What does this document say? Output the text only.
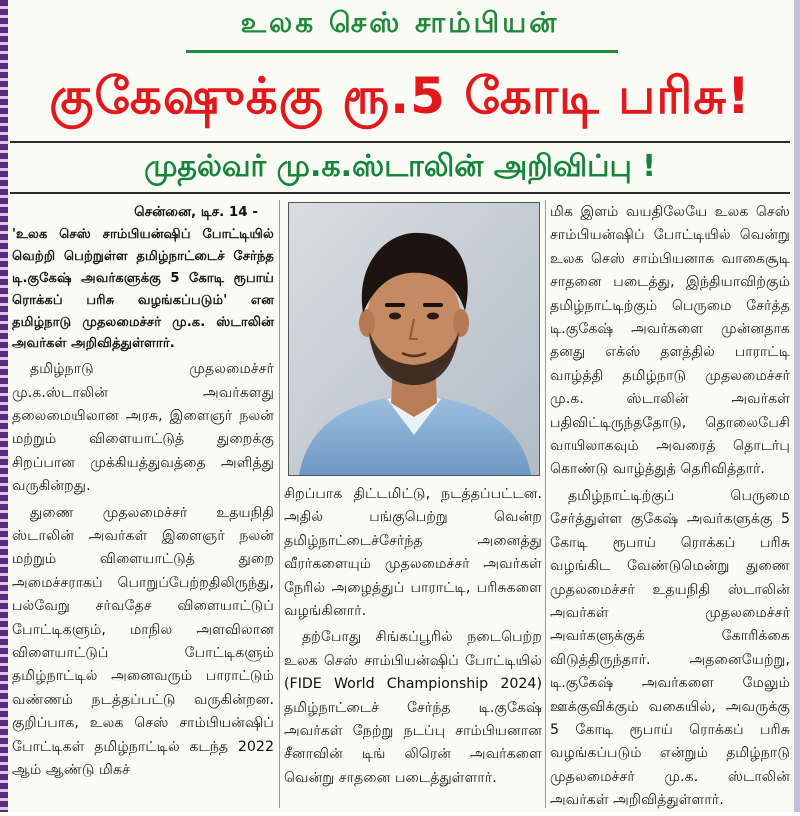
உலக செஸ் சாம்பியன்
குகேஷுக்கு ரூ.5 கோடி பரிசு!
முதல்வர் மு.க.ஸ்டாலின் அறிவிப்பு !
சென்னை, டிச. 14 -

'உலக செஸ் சாம்பியன்ஷிப் போட்டியில் வெற்றி பெற்றுள்ள தமிழ்நாட்டைச் சேர்ந்த டி.குகேஷ் அவர்களுக்கு 5 கோடி ரூபாய் ரொக்கப் பரிசு வழங்கப்படும்' என தமிழ்நாடு முதலமைச்சர் மு.க. ஸ்டாலின் அவர்கள் அறிவித்துள்ளார்.

தமிழ்நாடு முதலமைச்சர் மு.க.ஸ்டாலின் அவர்களது தலைமையிலான அரசு, இளைஞர் நலன் மற்றும் விளையாட்டுத் துறைக்கு சிறப்பான முக்கியத்துவத்தை அளித்து வருகின்றது.

துணை முதலமைச்சர் உதயநிதி ஸ்டாலின் அவர்கள் இளைஞர் நலன் மற்றும் விளையாட்டுத் துறை அமைச்சராகப் பொறுப்பேற்றதிலிருந்து, பல்வேறு சர்வதேச விளையாட்டுப் போட்டிகளும், மாநில அளவிலான விளையாட்டுப் போட்டிகளும் தமிழ்நாட்டில் அனைவரும் பாராட்டும் வண்ணம் நடத்தப்பட்டு வருகின்றன. குறிப்பாக, உலக செஸ் சாம்பியன்ஷிப் போட்டிகள் தமிழ்நாட்டில் கடந்த 2022 ஆம் ஆண்டு மிகச்

சிறப்பாக திட்டமிட்டு, நடத்தப்பட்டன. அதில் பங்குபெற்று வென்ற தமிழ்நாட்டைச்சேர்ந்த அனைத்து வீரர்களையும் முதலமைச்சர் அவர்கள் நேரில் அழைத்துப் பாராட்டி, பரிசுகளை வழங்கினார்.

தற்போது சிங்கப்பூரில் நடைபெற்ற உலக செஸ் சாம்பியன்ஷிப் போட்டியில் (FIDE World Championship 2024) தமிழ்நாட்டைச் சேர்ந்த டி.குகேஷ் அவர்கள் நேற்று நடப்பு சாம்பியனான சீனாவின் டிங் லிரென் அவர்களை வென்று சாதனை படைத்துள்ளார்.

மிக இளம் வயதிலேயே உலக செஸ் சாம்பியன்ஷிப் போட்டியில் வென்று உலக செஸ் சாம்பியனாக வாகைசூடி சாதனை படைத்து, இந்தியாவிற்கும் தமிழ்நாட்டிற்கும் பெருமை சேர்த்த டி.குகேஷ் அவர்களை முன்னதாக தனது எக்ஸ் தளத்தில் பாராட்டி வாழ்த்தி தமிழ்நாடு முதலமைச்சர் மு.க. ஸ்டாலின் அவர்கள் பதிவிட்டிருந்ததோடு, தொலைபேசி வாயிலாகவும் அவரைத் தொடர்பு கொண்டு வாழ்த்துத் தெரிவித்தார்.

தமிழ்நாட்டிற்குப் பெருமை சேர்த்துள்ள குகேஷ் அவர்களுக்கு 5 கோடி ரூபாய் ரொக்கப் பரிசு வழங்கிட வேண்டுமென்று துணை முதலமைச்சர் உதயநிதி ஸ்டாலின் அவர்கள் முதலமைச்சர் அவர்களுக்குக் கோரிக்கை விடுத்திருந்தார். அதனையேற்று, டி.குகேஷ் அவர்களை மேலும் ஊக்குவிக்கும் வகையில், அவருக்கு 5 கோடி ரூபாய் ரொக்கப் பரிசு வழங்கப்படும் என்றும் தமிழ்நாடு முதலமைச்சர் மு.க. ஸ்டாலின் அவர்கள் அறிவித்துள்ளார்.
